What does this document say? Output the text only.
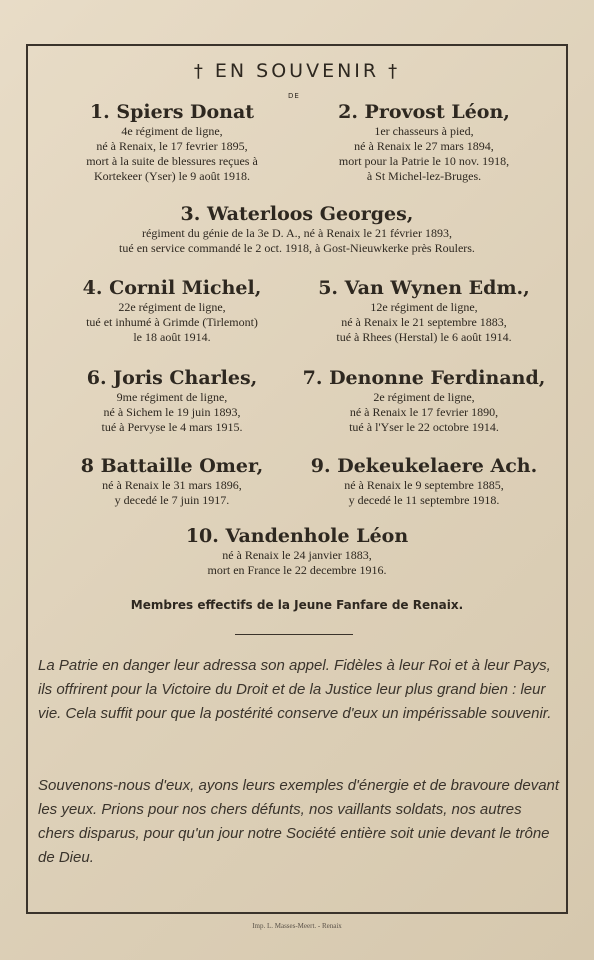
† EN SOUVENIR †
DE
1. Spiers Donat
4e régiment de ligne,
né à Renaix, le 17 fevrier 1895,
mort à la suite de blessures reçues à
Kortekeer (Yser) le 9 août 1918.
2. Provost Léon,
1er chasseurs à pied,
né à Renaix le 27 mars 1894,
mort pour la Patrie le 10 nov. 1918,
à St Michel-lez-Bruges.
3. Waterloos Georges,
régiment du génie de la 3e D. A., né à Renaix le 21 février 1893,
tué en service commandé le 2 oct. 1918, à Gost-Nieuwkerke près Roulers.
4. Cornil Michel,
22e régiment de ligne,
tué et inhumé à Grimde (Tirlemont)
le 18 août 1914.
5. Van Wynen Edm.,
12e régiment de ligne,
né à Renaix le 21 septembre 1883,
tué à Rhees (Herstal) le 6 août 1914.
6. Joris Charles,
9me régiment de ligne,
né à Sichem le 19 juin 1893,
tué à Pervyse le 4 mars 1915.
7. Denonne Ferdinand,
2e régiment de ligne,
né à Renaix le 17 fevrier 1890,
tué à l'Yser le 22 octobre 1914.
8 Battaille Omer,
né à Renaix le 31 mars 1896,
y decedé le 7 juin 1917.
9. Dekeukelaere Ach.
né à Renaix le 9 septembre 1885,
y decedé le 11 septembre 1918.
10. Vandenhole Léon
né à Renaix le 24 janvier 1883,
mort en France le 22 decembre 1916.
Membres effectifs de la Jeune Fanfare de Renaix.
La Patrie en danger leur adressa son appel. Fidèles à leur Roi et à leur Pays, ils offrirent pour la Victoire du Droit et de la Justice leur plus grand bien : leur vie. Cela suffit pour que la postérité conserve d'eux un impérissable souvenir.
Souvenons-nous d'eux, ayons leurs exemples d'énergie et de bravoure devant les yeux. Prions pour nos chers défunts, nos vaillants soldats, nos autres chers disparus, pour qu'un jour notre Société entière soit unie devant le trône de Dieu.
Imp. L. Masses-Meert. - Renaix
